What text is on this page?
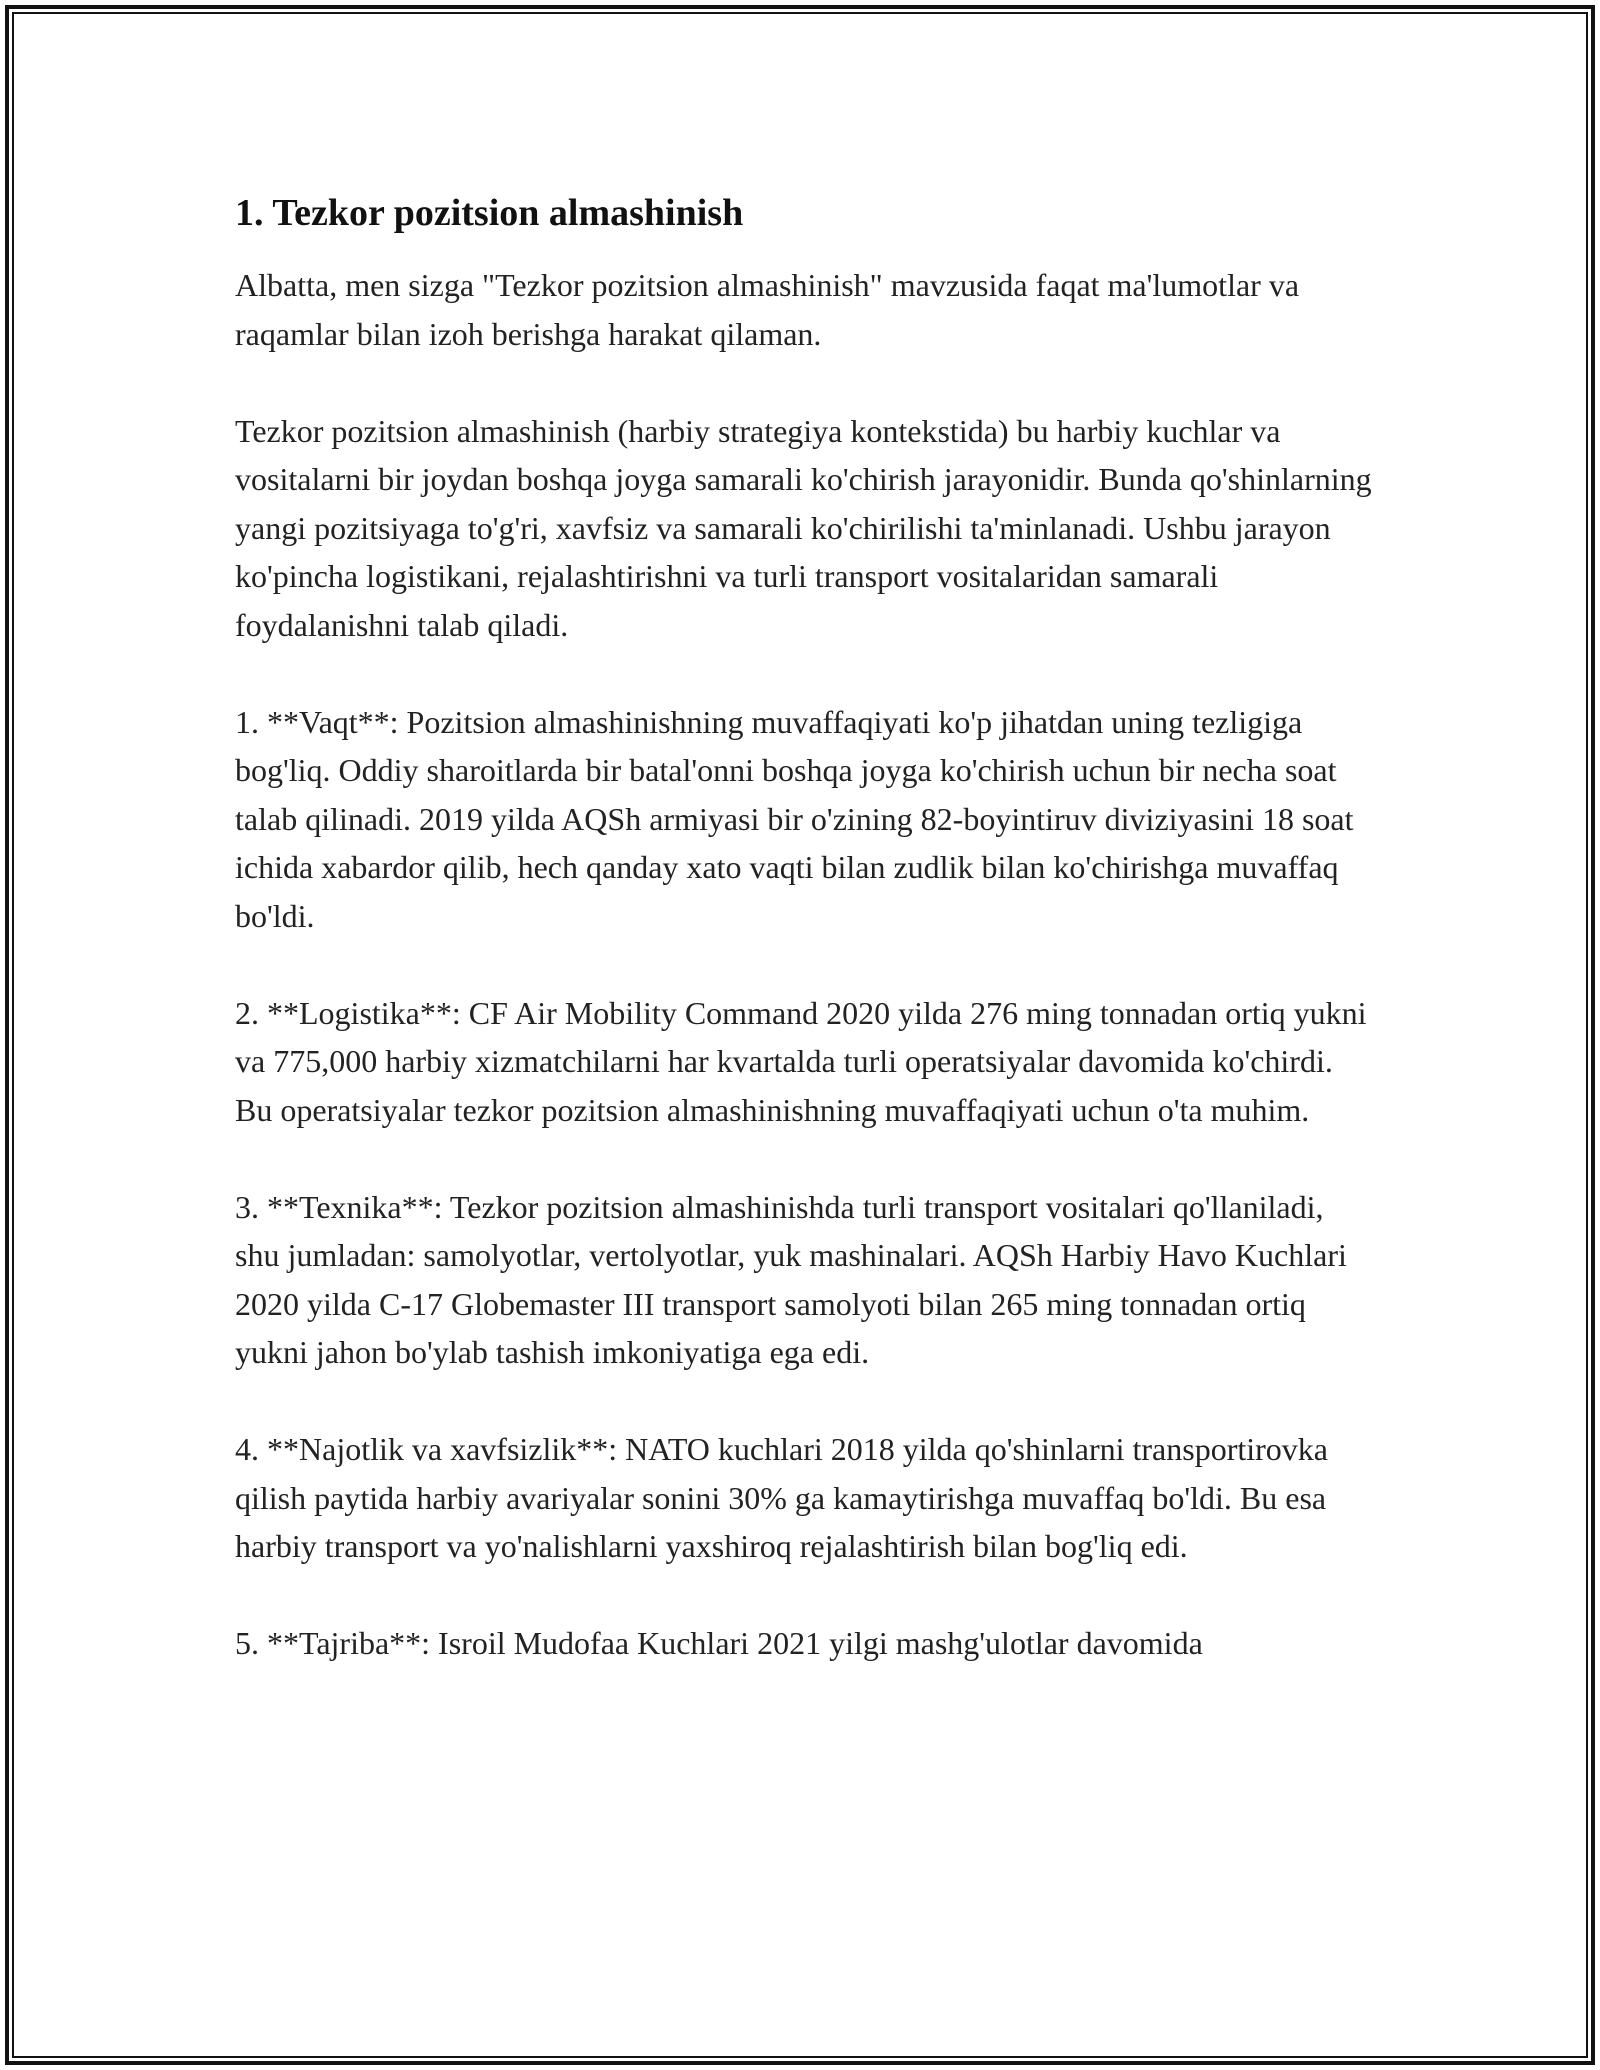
1. Tezkor pozitsion almashinish

Albatta, men sizga "Tezkor pozitsion almashinish" mavzusida faqat ma'lumotlar va raqamlar bilan izoh berishga harakat qilaman.

Tezkor pozitsion almashinish (harbiy strategiya kontekstida) bu harbiy kuchlar va vositalarni bir joydan boshqa joyga samarali ko'chirish jarayonidir. Bunda qo'shinlarning yangi pozitsiyaga to'g'ri, xavfsiz va samarali ko'chirilishi ta'minlanadi. Ushbu jarayon ko'pincha logistikani, rejalashtirishni va turli transport vositalaridan samarali foydalanishni talab qiladi.

1. **Vaqt**: Pozitsion almashinishning muvaffaqiyati ko'p jihatdan uning tezligiga bog'liq. Oddiy sharoitlarda bir batal'onni boshqa joyga ko'chirish uchun bir necha soat talab qilinadi. 2019 yilda AQSh armiyasi bir o'zining 82-boyintiruv diviziyasini 18 soat ichida xabardor qilib, hech qanday xato vaqti bilan zudlik bilan ko'chirishga muvaffaq bo'ldi.

2. **Logistika**: CF Air Mobility Command 2020 yilda 276 ming tonnadan ortiq yukni va 775,000 harbiy xizmatchilarni har kvartalda turli operatsiyalar davomida ko'chirdi. Bu operatsiyalar tezkor pozitsion almashinishning muvaffaqiyati uchun o'ta muhim.

3. **Texnika**: Tezkor pozitsion almashinishda turli transport vositalari qo'llaniladi, shu jumladan: samolyotlar, vertolyotlar, yuk mashinalari. AQSh Harbiy Havo Kuchlari 2020 yilda C-17 Globemaster III transport samolyoti bilan 265 ming tonnadan ortiq yukni jahon bo'ylab tashish imkoniyatiga ega edi.

4. **Najotlik va xavfsizlik**: NATO kuchlari 2018 yilda qo'shinlarni transportirovka qilish paytida harbiy avariyalar sonini 30% ga kamaytirishga muvaffaq bo'ldi. Bu esa harbiy transport va yo'nalishlarni yaxshiroq rejalashtirish bilan bog'liq edi.

5. **Tajriba**: Isroil Mudofaa Kuchlari 2021 yilgi mashg'ulotlar davomida
